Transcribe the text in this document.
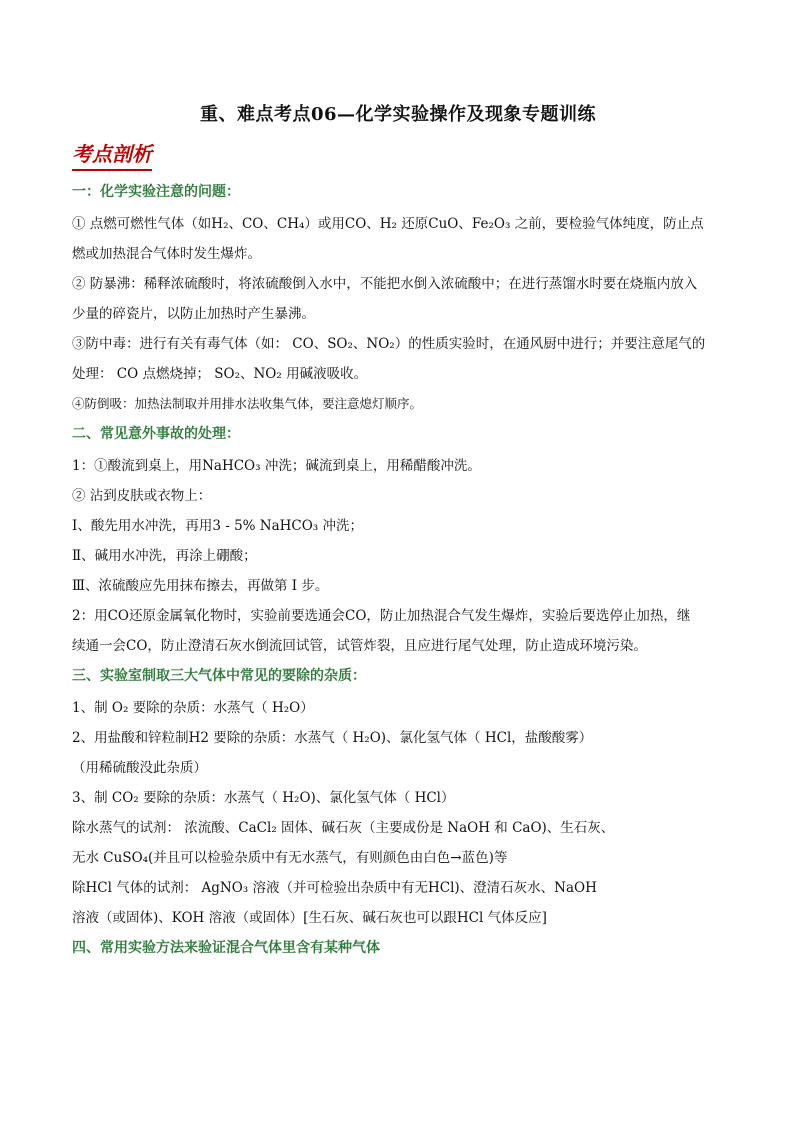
重、难点考点06—化学实验操作及现象专题训练
考点剖析
一：化学实验注意的问题：

① 点燃可燃性气体（如H₂、CO、CH₄）或用CO、H₂ 还原CuO、Fe₂O₃ 之前，要检验气体纯度，防止点

燃或加热混合气体时发生爆炸。

② 防暴沸：稀释浓硫酸时，将浓硫酸倒入水中，不能把水倒入浓硫酸中；在进行蒸馏水时要在烧瓶内放入

少量的碎瓷片，以防止加热时产生暴沸。

③防中毒：进行有关有毒气体（如： CO、SO₂、NO₂）的性质实验时，在通风厨中进行；并要注意尾气的

处理： CO 点燃烧掉； SO₂、NO₂ 用碱液吸收。

④防倒吸：加热法制取并用排水法收集气体，要注意熄灯顺序。

二、常见意外事故的处理：

1：①酸流到桌上，用NaHCO₃ 冲洗；碱流到桌上，用稀醋酸冲洗。

② 沾到皮肤或衣物上：

Ⅰ、酸先用水冲洗，再用3 - 5% NaHCO₃ 冲洗；

Ⅱ、碱用水冲洗，再涂上硼酸；

Ⅲ、浓硫酸应先用抹布擦去，再做第 I 步。

2：用CO还原金属氧化物时，实验前要选通会CO，防止加热混合气发生爆炸，实验后要选停止加热，继

续通一会CO，防止澄清石灰水倒流回试管，试管炸裂，且应进行尾气处理，防止造成环境污染。

三、实验室制取三大气体中常见的要除的杂质：

1、制 O₂ 要除的杂质：水蒸气（ H₂O）

2、用盐酸和锌粒制H2 要除的杂质：水蒸气（ H₂O)、氯化氢气体（ HCl，盐酸酸雾）

（用稀硫酸没此杂质）

3、制 CO₂ 要除的杂质：水蒸气（ H₂O)、氯化氢气体（ HCl）

除水蒸气的试剂： 浓流酸、CaCl₂ 固体、碱石灰（主要成份是 NaOH 和 CaO)、生石灰、

无水 CuSO₄(并且可以检验杂质中有无水蒸气，有则颜色由白色→蓝色)等

除HCl 气体的试剂： AgNO₃ 溶液（并可检验出杂质中有无HCl)、澄清石灰水、NaOH

溶液（或固体)、KOH 溶液（或固体）[生石灰、碱石灰也可以跟HCl 气体反应]

四、常用实验方法来验证混合气体里含有某种气体
